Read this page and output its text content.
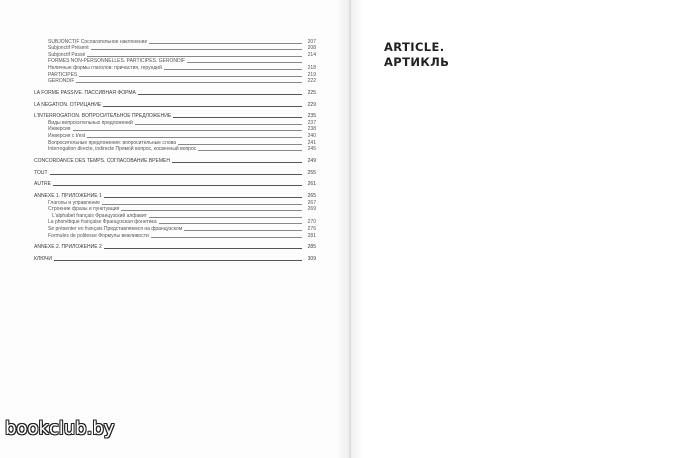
SUBJONCTIF Сослагательное наклонение	207
Subjonctif Présent	208
Subjonctif Passé	214
FORMES NON-PERSONNELLES. PARTICIPES. GÉRONDIF
Неличные формы глаголов: причастия, герундий	218
PARTICIPES	219
GÉRONDIF	222
LA FORME PASSIVE. ПАССИВНАЯ ФОРМА	225
LA NÉGATION. ОТРИЦАНИЕ	229
L'INTERROGATION. ВОПРОСИТЕЛЬНОЕ ПРЕДЛОЖЕНИЕ	235
Виды вопросительных предложений	237
Инверсия	238
Инверсия с t/est	240
Вопросительные предложения: вопросительные слова	241
Interrogation directe, indirecte Прямой вопрос, косвенный вопрос	245
CONCORDANCE DES TEMPS. СОГЛАСОВАНИЕ ВРЕМЕН	249
TOUT	255
AUTRE	261
ANNEXE 1. ПРИЛОЖЕНИЕ 1	265
Глаголы и управление	267
Строение фразы и пунктуация	269
L'alphabet français Французский алфавит
La phonétique française Французская фонетика	270
Se présenter en français Представляемся на французском	276
Formules de politesse Формулы вежливости	281
ANNEXE 2. ПРИЛОЖЕНИЕ 2	285
КЛЮЧИ	309
ARTICLE.
АРТИКЛЬ
bookclub.by
